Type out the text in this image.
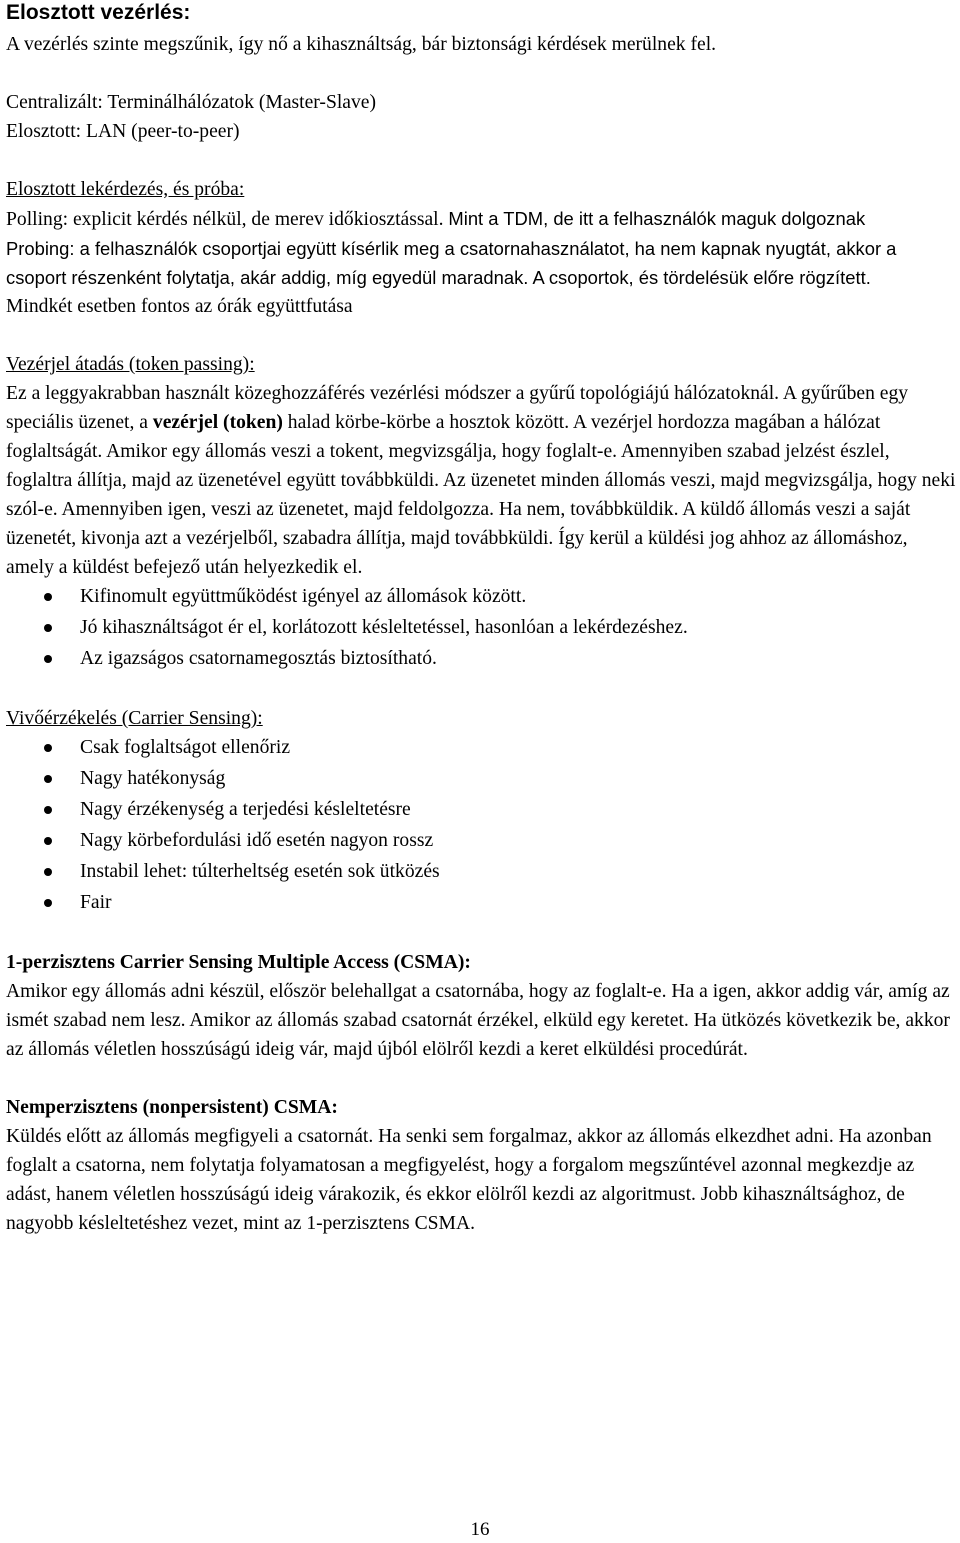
Elosztott vezérlés:

A vezérlés szinte megszűnik, így nő a kihasználtság, bár biztonsági kérdések merülnek fel.

Centralizált: Terminálhálózatok (Master-Slave)

Elosztott: LAN (peer-to-peer)

Elosztott lekérdezés, és próba:

Polling: explicit kérdés nélkül, de merev időkiosztással. Mint a TDM, de itt a felhasználók maguk dolgoznak

Probing: a felhasználók csoportjai együtt kísérlik meg a csatornahasználatot, ha nem kapnak nyugtát, akkor a csoport részenként folytatja, akár addig, míg egyedül maradnak. A csoportok, és tördelésük előre rögzített.

Mindkét esetben fontos az órák együttfutása

Vezérjel átadás (token passing):

Ez a leggyakrabban használt közeghozzáférés vezérlési módszer a gyűrű topológiájú hálózatoknál. A gyűrűben egy speciális üzenet, a vezérjel (token) halad körbe-körbe a hosztok között. A vezérjel hordozza magában a hálózat foglaltságát. Amikor egy állomás veszi a tokent, megvizsgálja, hogy foglalt-e. Amennyiben szabad jelzést észlel, foglaltra állítja, majd az üzenetével együtt továbbküldi. Az üzenetet minden állomás veszi, majd megvizsgálja, hogy neki szól-e. Amennyiben igen, veszi az üzenetet, majd feldolgozza. Ha nem, továbbküldik. A küldő állomás veszi a saját üzenetét, kivonja azt a vezérjelből, szabadra állítja, majd továbbküldi. Így kerül a küldési jog ahhoz az állomáshoz, amely a küldést befejező után helyezkedik el.

Kifinomult együttműködést igényel az állomások között.
Jó kihasználtságot ér el, korlátozott késleltetéssel, hasonlóan a lekérdezéshez.
Az igazságos csatornamegosztás biztosítható.

Vivőérzékelés (Carrier Sensing):

Csak foglaltságot ellenőriz
Nagy hatékonyság
Nagy érzékenység a terjedési késleltetésre
Nagy körbefordulási idő esetén nagyon rossz
Instabil lehet: túlterheltség esetén sok ütközés
Fair

1-perzisztens Carrier Sensing Multiple Access (CSMA):

Amikor egy állomás adni készül, először belehallgat a csatornába, hogy az foglalt-e. Ha a igen, akkor addig vár, amíg az ismét szabad nem lesz. Amikor az állomás szabad csatornát érzékel, elküld egy keretet. Ha ütközés következik be, akkor az állomás véletlen hosszúságú ideig vár, majd újból elölről kezdi a keret elküldési procedúrát.

Nemperzisztens (nonpersistent) CSMA:

Küldés előtt az állomás megfigyeli a csatornát. Ha senki sem forgalmaz, akkor az állomás elkezdhet adni. Ha azonban foglalt a csatorna, nem folytatja folyamatosan a megfigyelést, hogy a forgalom megszűntével azonnal megkezdje az adást, hanem véletlen hosszúságú ideig várakozik, és ekkor elölről kezdi az algoritmust. Jobb kihasználtsághoz, de nagyobb késleltetéshez vezet, mint az 1-perzisztens CSMA.

16
